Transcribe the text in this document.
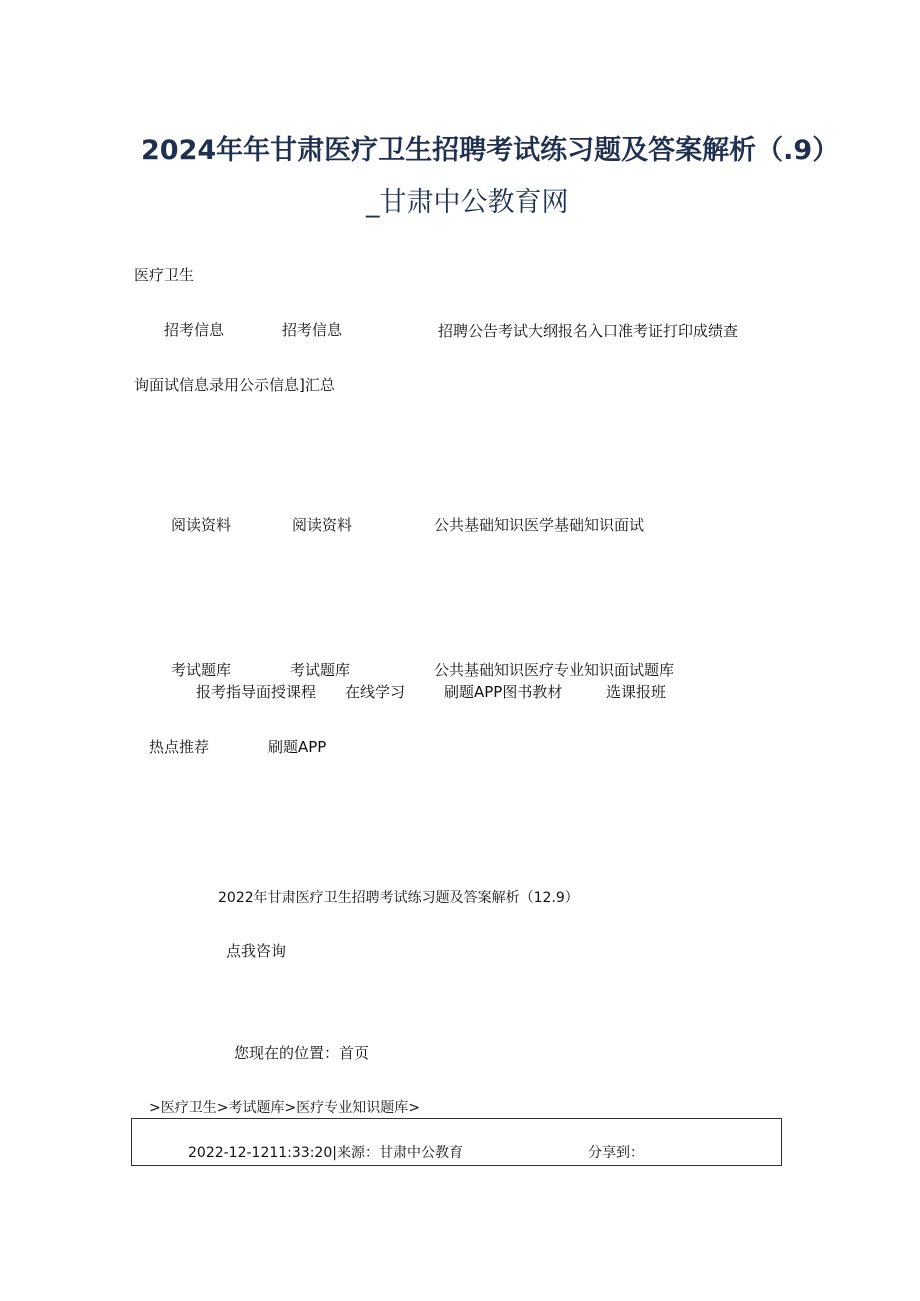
2024年年甘肃医疗卫生招聘考试练习题及答案解析（.9）
_甘肃中公教育网
医疗卫生
招考信息	招考信息	招聘公告考试大纲报名入口准考证打印成绩查
询面试信息录用公示信息]汇总
阅读资料	阅读资料	公共基础知识医学基础知识面试
考试题库	考试题库	公共基础知识医疗专业知识面试题库
报考指导面授课程 在线学习	刷题APP图书教材	选课报班
热点推荐	刷题APP
2022年甘肃医疗卫生招聘考试练习题及答案解析（12.9）
点我咨询
您现在的位置：首页
>医疗卫生>考试题库>医疗专业知识题库>
2022-12-1211:33:20|来源：甘肃中公教育	分享到：
